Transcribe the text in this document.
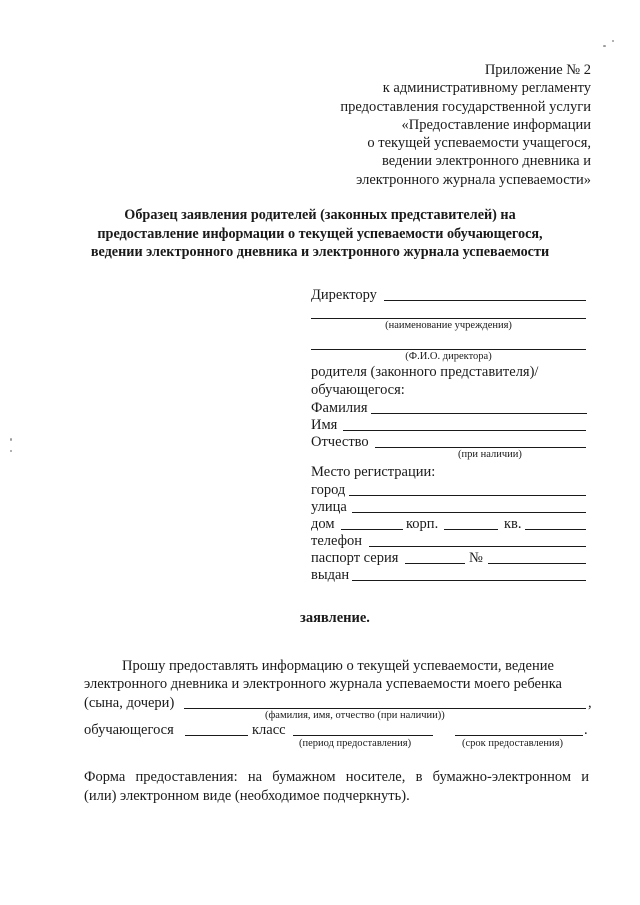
Приложение № 2
к административному регламенту
предоставления государственной услуги
«Предоставление информации
о текущей успеваемости учащегося,
ведении электронного дневника и
электронного журнала успеваемости»
Образец заявления родителей (законных представителей) на
предоставление информации о текущей успеваемости обучающегося,
ведении электронного дневника и электронного журнала успеваемости
Директору
(наименование учреждения)
(Ф.И.О. директора)
родителя (законного представителя)/
обучающегося:
Фамилия
Имя
Отчество
(при наличии)
Место регистрации:
город
улица
дом	корп.	кв.
телефон
паспорт серия	№
выдан
заявление.
Прошу предоставлять информацию о текущей успеваемости, ведение
электронного дневника и электронного журнала успеваемости моего ребенка
(сына, дочери)	,
(фамилия, имя, отчество (при наличии))
обучающегося	класс	.
(период предоставления)	(срок предоставления)
Форма предоставления: на бумажном носителе, в бумажно-электронном и
(или) электронном виде (необходимое подчеркнуть).
